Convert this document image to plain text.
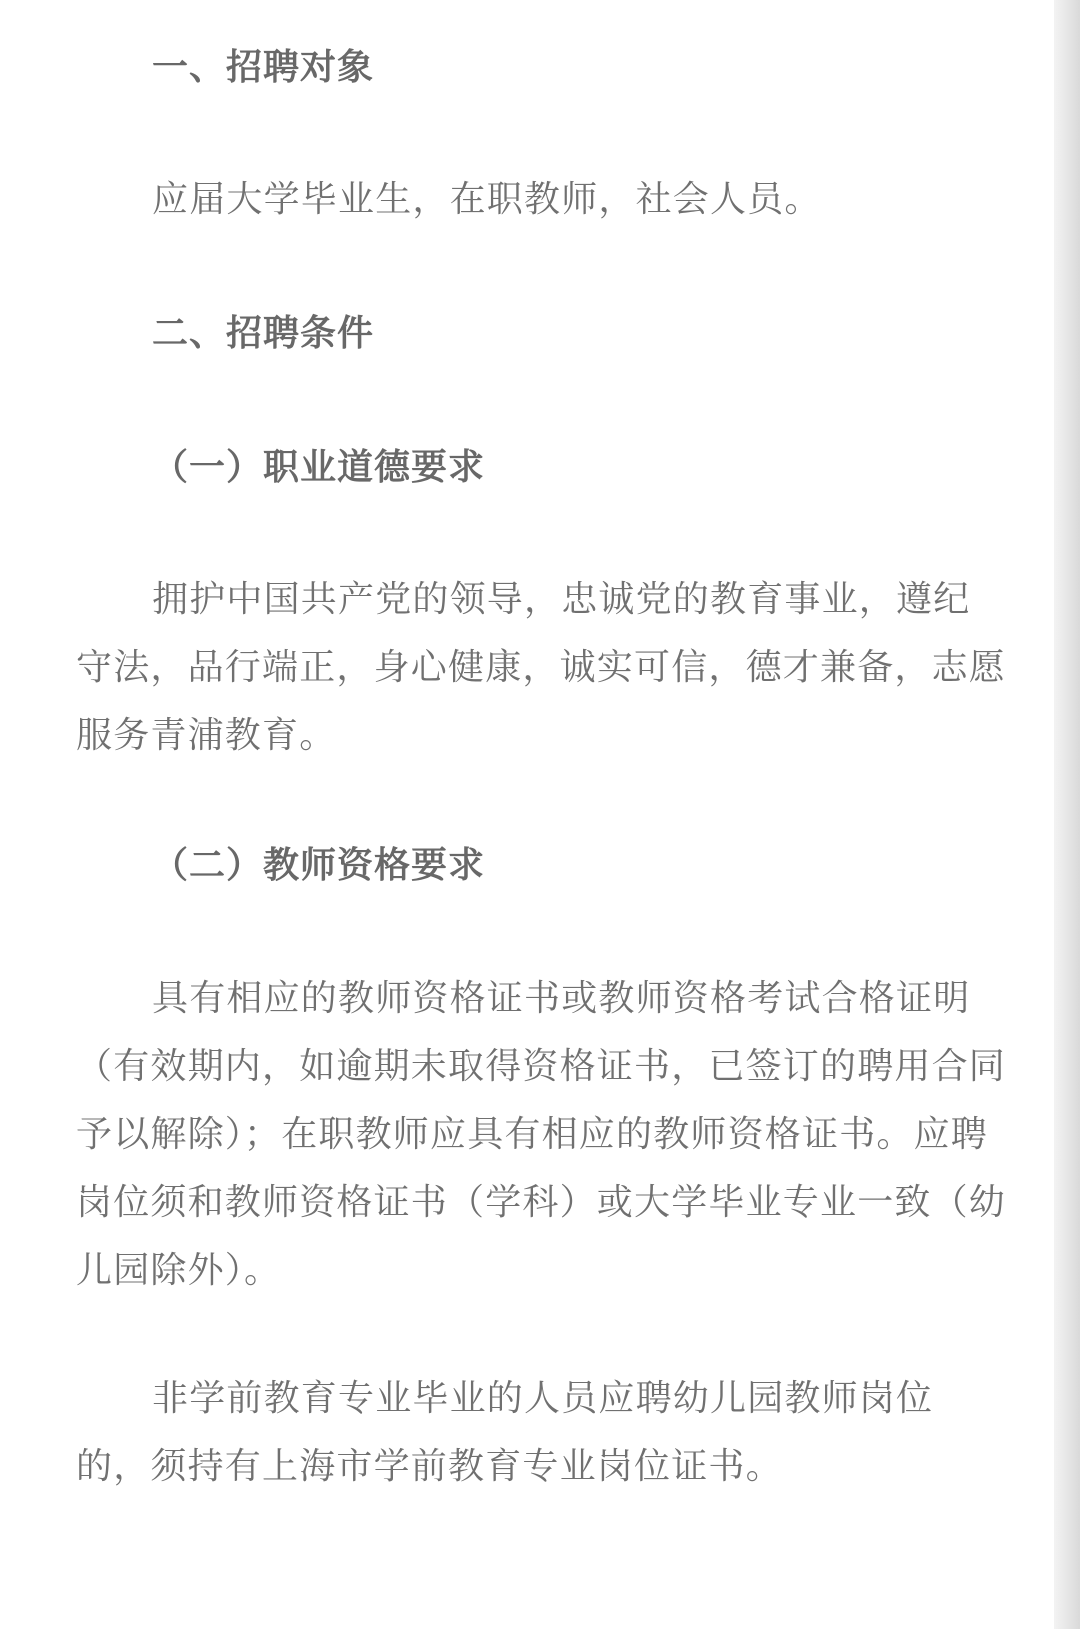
一、招聘对象
应届大学毕业生，在职教师，社会人员。
二、招聘条件
（一）职业道德要求
拥护中国共产党的领导，忠诚党的教育事业，遵纪守法，品行端正，身心健康，诚实可信，德才兼备，志愿服务青浦教育。
（二）教师资格要求
具有相应的教师资格证书或教师资格考试合格证明（有效期内，如逾期未取得资格证书，已签订的聘用合同予以解除）；在职教师应具有相应的教师资格证书。应聘岗位须和教师资格证书（学科）或大学毕业专业一致（幼儿园除外）。
非学前教育专业毕业的人员应聘幼儿园教师岗位的，须持有上海市学前教育专业岗位证书。
